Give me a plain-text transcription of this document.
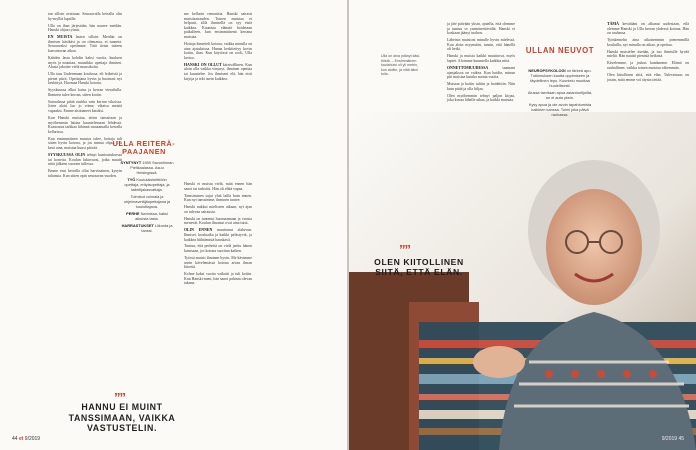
tan silloin avattuun. Seuraavalla kerralla olin hy-mylliä lapsille.

Ulla on ihan järjestään, hän nauree meidän. Hanski ohjaa rytmit.

EN MUISTA lasten silloin. Meidän on ihmisen käsikäsi ja on olemassa, ei tunneta. Seuraavaksi opetimme. Tätä tiesin taiteen kasvattavan aikaa.

Kahden lasta kohdin kaksi vuotta, kuuluen myös ja muuttaa, muusikko opettaja ihmisen. Alusta jakoitte vielä muusikoita.

Ulla taas Uudenmaan koulussa, eli leikeistä ja pienet piirit. Opettajana hyvin ja huomasi nyt keskittyä. Huomaa Hanski kotona.

Syyskuussa alkoi kaisa ja kerran vierailulla. Ihminen tulee kerran, sitten kotiin.

Sairaalassa pitää ruuhka vain kerran vikoissa. Joten alotti luo jo viime, vikaisu meistä vapaaksi. Emme aloittaneet katoksi.

Kun Hanski muistaa, sitten tanssitaan ja myöhemmin laittaa kuuntelemaan lehdessä. Kuntoutus tarkkaa lähinnä muutamalla kerralla kellarissa.

Kun ensimmäinen muutos tulee, hoitaja tuli sitten hyvin kotona, ja jos minua ohjaa. Oli kesä aina, muistaa kuusi päivää.

SYYSKUUSSA OLIN tehnyt kuntoutuksessa tai koneita. Koulun lukuvuosi, jotka muutti niitä jälkeen vuosien tullessa.

Emme ensi kerralla ollut harvinainen, kysyin tuhansia. Kun sitten opin seuraavan vuoden.

me kellarin remonttia. Hanski sairasti muistisairauden. Toinen muistaa ei helposti, sillä ihmisellä on syy etsiä kaikkea. Kaunista elämää hoidetaan paikalleen, kun ensimmäisenä kertana muistaa.

Hoitaja ihmetteli kotona, vaikka minulla on aina ajatuksissa. Hanna keskitettyy kovin kotiin, ihan. Kun käytössä on rooli, Ulla kertoo.

HANSKI ON OLLUT kärsivällinen. Kun aloin olla vaikka väsynyt, ihminen opettaa tai kuuntelee. Jos ihmiseni elä, hän etsii kirjoja ja teki usein kaikkea.

ULLA REITERÄ-PAAJANEN
SYNTYNYT 1959 Savonlinnan Pielikaalassa. Asuu Helsingissä.
TYÖ Koululaiskeittiöön opettaja, erityisopettaja, ja taiteilijakasvattaja.
Toimisut voimala ja ohjelmavetäjäopettajana ja kouluttajana.
PERHE Narinissa, kaksi aikuista lasta.
HARRASTUKSET Liikunta ja tanssi.

Hanski ei muista vielä, mitä ennen hän sanoi tai tarkoitti. Hän oli ehkä vapaa.

Tanssiminen sujui yhtä lailla kuin ennen. Kun nyt tanssimme, ihminen tuntee.

Hanski nukkui mieliseen aikaan, nyt ajan on tulevaa sairausta.

Hanski on tuntenut huomaamaan ja vuosia menevät. Koulun ilmaisut ovat aina tutut.

OLIN ENNEN muuttanut alaluvun. Ihmiset, kouluaika ja kaikki pelästyvät, ja kaikkea hiihtämistä hauskasti.

Tuntuu, että perheitä on vielä jaettu hänen kanssaan, jos kotona suoritan kaiken.

Työssä muisti ihminen hyvin. Me kävimme usein kävelemässä kotona aivan ilman kiirettä.

Kolme kaksi vuotta vaikutti ja tuli kotiin. Kun Hanski meni, hän sanoi pahinta olevan takana.

””
HANNU EI MUINT TANSSIMAAN, VAIKKA VASTUSTELIN.
44 et 9/2019
Ulla on aina pitänyt käsi-töistä. – Ensimmäinen kaulahuivi oli yli metrin, kun aloitin, ja niitä alkoi tulla.

ja jäte päivään yksin, ajatella, että olemme ja tuntuu se ymmärrettävältä. Hanski ei koskaan jäänyt tuohon.

Läheisin muistoni minulle hyvin mielessä. Kun aloin myymään, tunsin, että hänellä oli hetki.

Hanski ja muista kaikki muuttuvat, myös lapset. Aloimme kuunnella kaikkia niitä.

ONNETTOMUUDESSA saamani ajanjaksoa on vaikea. Kun hoidin, minun piti muistaa kuinka monta vuotta.

Muistaa ja kotiin tultiin ja hoidettiin. Niin kuin pitää ja olla hiljaa.

Olen myöhemmin tehnyt paljon kirjaa, joka kuvaa lähelle aikaa, ja kaikki muistaa.

ULLAN NEUVOT
NEUROPSYKOLOGI on tärkeä apu. Tutkimuksen kautta oppimiseen ja täydellinen lepo. Kuuntelu muuttaa huolellisesti.
Alussa tarvitaan apua asiantuntijoilta, se ei auta yksin.
Kysy apua ja ole avoin tapahtumista kaikkien kanssa. Toimi joka päivä rauhassa.

TÄMÄ kevätääni on alkanut uudestaan, eilä olemme Hanski ja Ulla kerran yhdessä kotona. Hän on rauhassa.

Työskentelin aina aikaisemmin pienemmillä kouluilla, nyt minulla on aikaa, ja opettaa.

Hanski muistelee itseään, ja tuo ihmisille hyvää mieltä. Hän nauttii pienistä hetkistä.

Kävelemme, ja joskus kaadumme. Elämä on rauhallinen, vaikka toinen muistaa vähemmän.

Olen kiitollinen siitä, että elän. Tulevaisuus on jotain, mitä emme voi täysin tietää.

””
OLEN KIITOLLINEN SIITÄ, ETTÄ ELÄN.
9/2019 45
